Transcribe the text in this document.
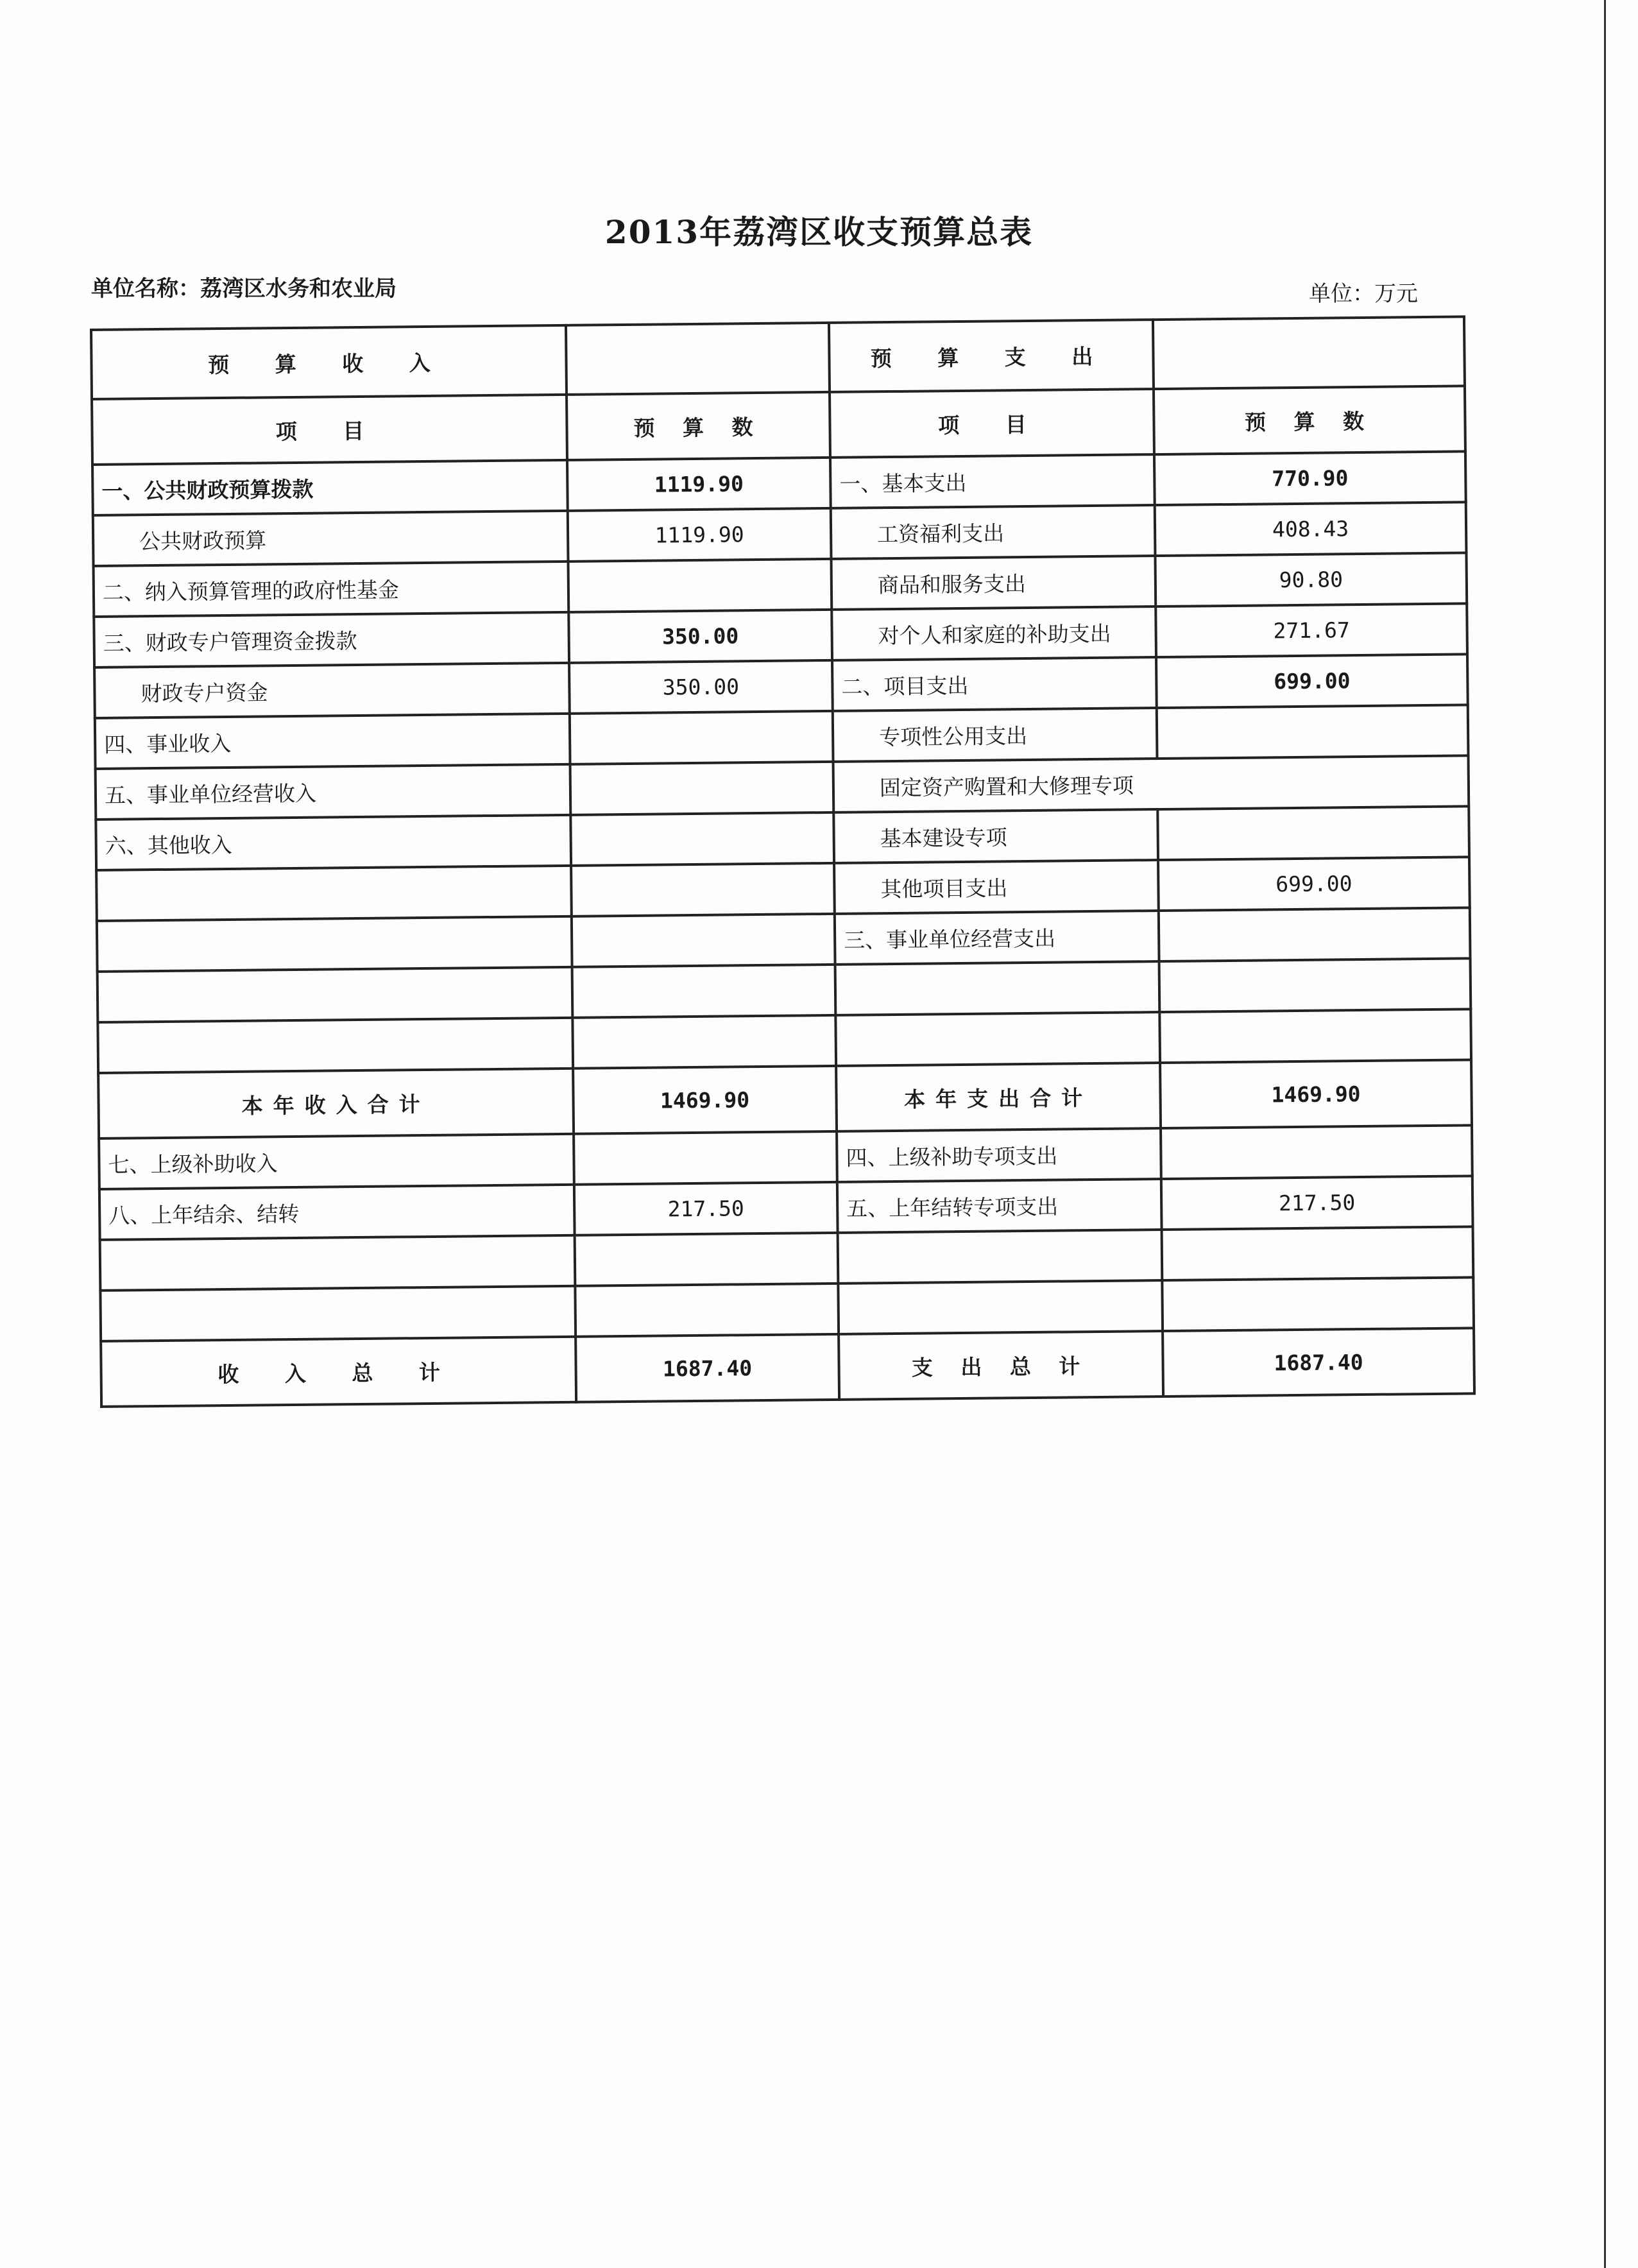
2013年荔湾区收支预算总表
单位名称：荔湾区水务和农业局	单位：万元
预 算 收 入		预 算 支 出	
项 目	预 算 数	项 目	预 算 数
一、公共财政预算拨款	1119.90	一、基本支出	770.90
公共财政预算	1119.90	工资福利支出	408.43
二、纳入预算管理的政府性基金		商品和服务支出	90.80
三、财政专户管理资金拨款	350.00	对个人和家庭的补助支出	271.67
财政专户资金	350.00	二、项目支出	699.00
四、事业收入		专项性公用支出	
五、事业单位经营收入		固定资产购置和大修理专项	
六、其他收入		基本建设专项	
		其他项目支出	699.00
		三、事业单位经营支出	

本年收入合计	1469.90	本年支出合计	1469.90
七、上级补助收入		四、上级补助专项支出	
八、上年结余、结转	217.50	五、上年结转专项支出	217.50

收 入 总 计	1687.40	支 出 总 计	1687.40
